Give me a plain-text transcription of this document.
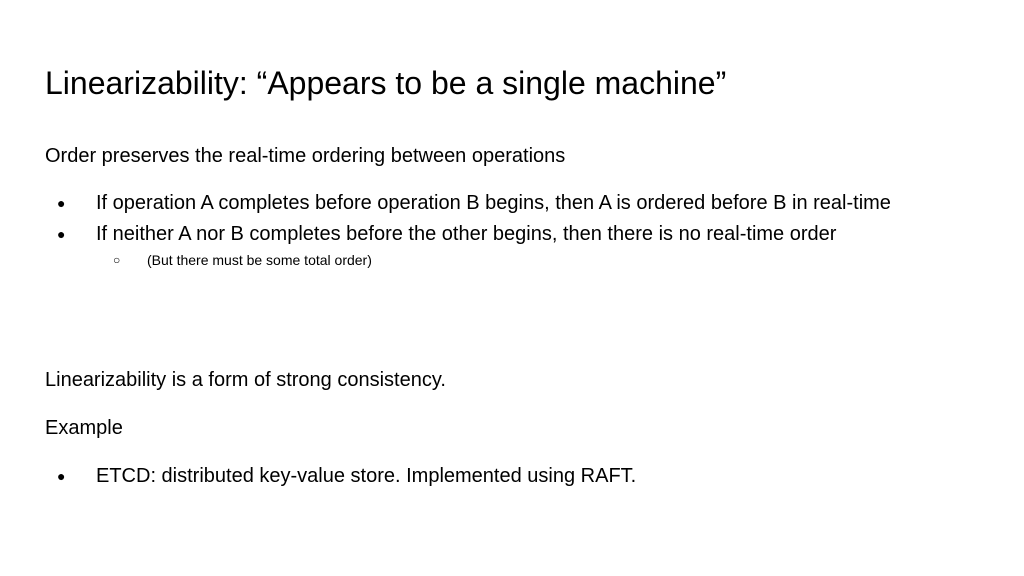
Linearizability: “Appears to be a single machine”
Order preserves the real-time ordering between operations
● If operation A completes before operation B begins, then A is ordered before B in real-time
● If neither A nor B completes before the other begins, then there is no real-time order
○ (But there must be some total order)
Linearizability is a form of strong consistency.
Example
● ETCD: distributed key-value store. Implemented using RAFT.
